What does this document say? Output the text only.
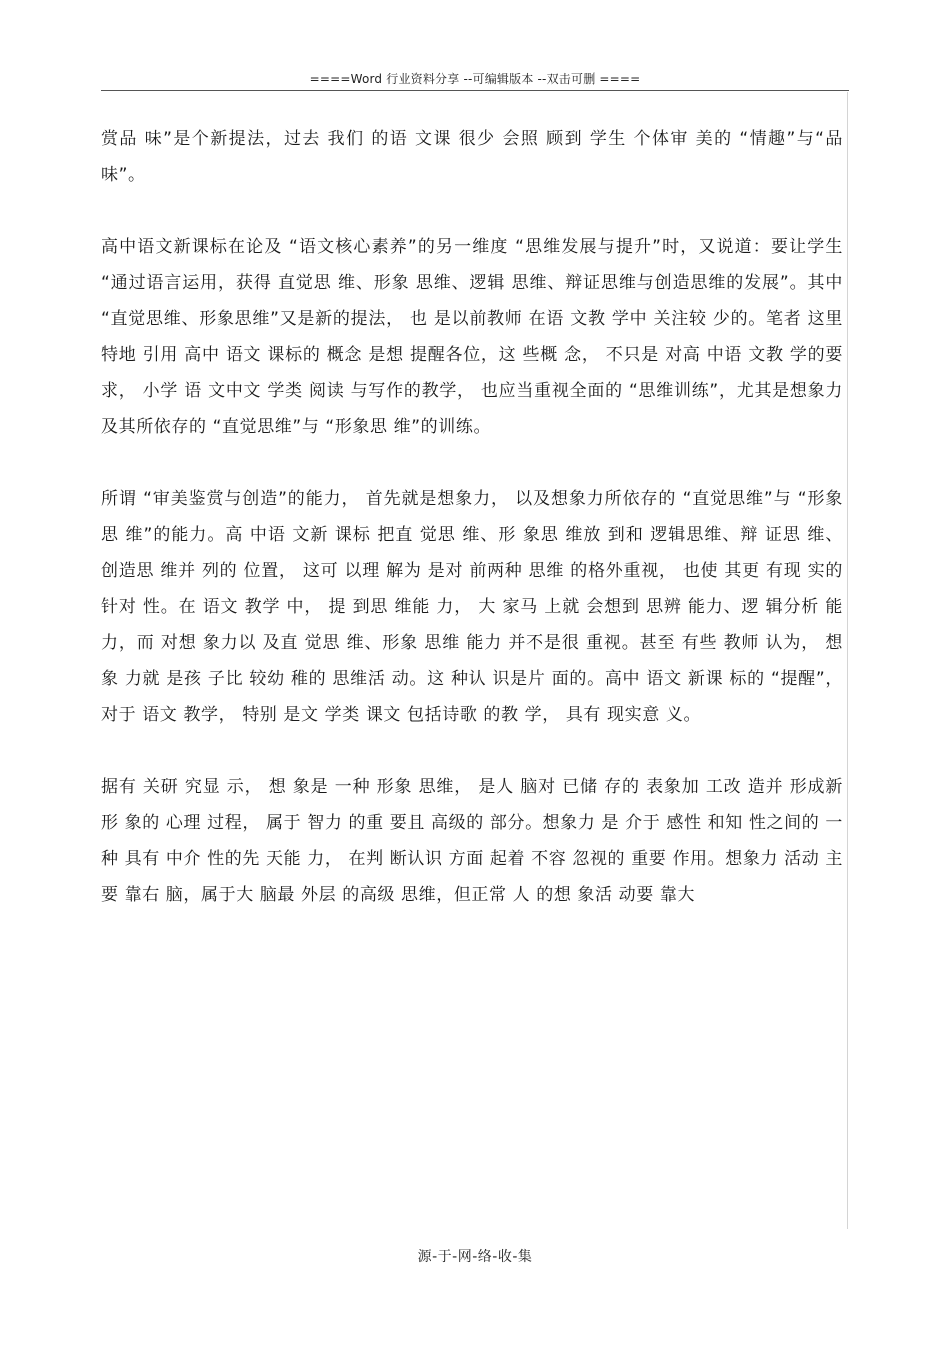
====Word 行业资料分享 --可编辑版本 --双击可删 ====

赏品 味”是个新提法，过去 我们 的语 文课 很少 会照 顾到 学生 个体审 美的 “情趣”与“品味”。

高中语文新课标在论及 “语文核心素养”的另一维度 “思维发展与提升”时，又说道：要让学生 “通过语言运用，获得 直觉思 维、形象 思维、逻辑 思维、辩证思维与创造思维的发展”。其中 “直觉思维、形象思维”又是新的提法， 也 是以前教师 在语 文教 学中 关注较 少的。笔者 这里 特地 引用 高中 语文 课标的 概念 是想 提醒各位，这 些概 念， 不只是 对高 中语 文教 学的要 求， 小学 语 文中文 学类 阅读 与写作的教学， 也应当重视全面的 “思维训练”，尤其是想象力及其所依存的 “直觉思维”与 “形象思 维”的训练。

所谓 “审美鉴赏与创造”的能力， 首先就是想象力， 以及想象力所依存的 “直觉思维”与 “形象思 维”的能力。高 中语 文新 课标 把直 觉思 维、形 象思 维放 到和 逻辑思维、辩 证思 维、 创造思 维并 列的 位置， 这可 以理 解为 是对 前两种 思维 的格外重视， 也使 其更 有现 实的 针对 性。在 语文 教学 中， 提 到思 维能 力， 大 家马 上就 会想到 思辨 能力、逻 辑分析 能力，而 对想 象力以 及直 觉思 维、形象 思维 能力 并不是很 重视。甚至 有些 教师 认为， 想象 力就 是孩 子比 较幼 稚的 思维活 动。这 种认 识是片 面的。高中 语文 新课 标的 “提醒”， 对于 语文 教学， 特别 是文 学类 课文 包括诗歌 的教 学， 具有 现实意 义。

据有 关研 究显 示， 想 象是 一种 形象 思维， 是人 脑对 已储 存的 表象加 工改 造并 形成新形 象的 心理 过程， 属于 智力 的重 要且 高级的 部分。想象力 是 介于 感性 和知 性之间的 一种 具有 中介 性的先 天能 力， 在判 断认识 方面 起着 不容 忽视的 重要 作用。想象力 活动 主要 靠右 脑，属于大 脑最 外层 的高级 思维，但正常 人 的想 象活 动要 靠大

源-于-网-络-收-集
